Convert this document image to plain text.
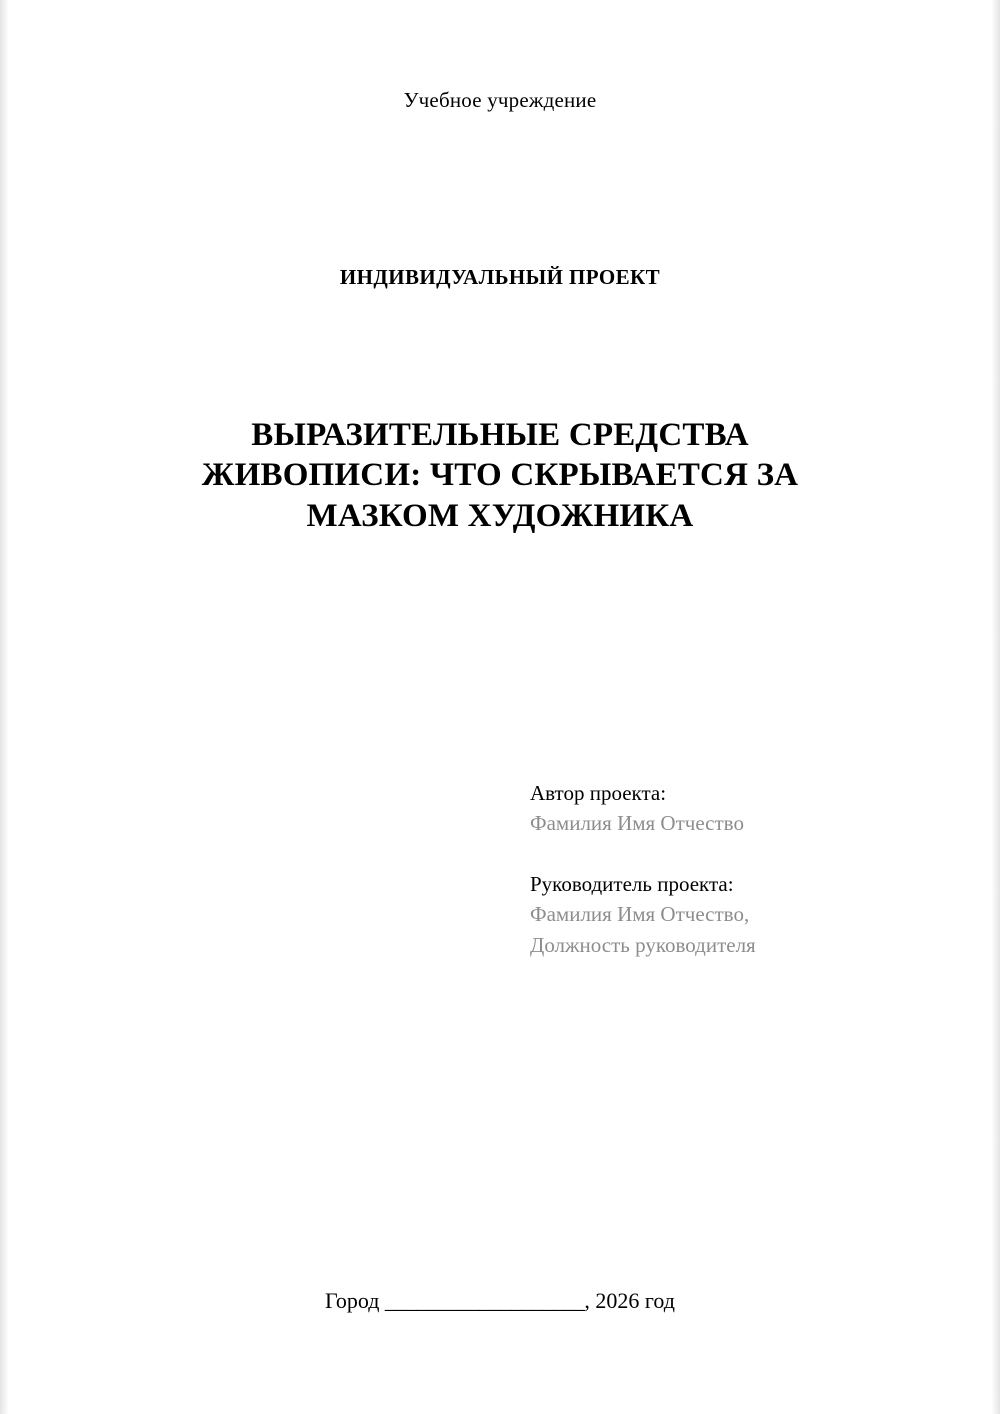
Учебное учреждение
ИНДИВИДУАЛЬНЫЙ ПРОЕКТ
ВЫРАЗИТЕЛЬНЫЕ СРЕДСТВА ЖИВОПИСИ: ЧТО СКРЫВАЕТСЯ ЗА МАЗКОМ ХУДОЖНИКА
Автор проекта:
Фамилия Имя Отчество
Руководитель проекта:
Фамилия Имя Отчество,
Должность руководителя
Город ___________________, 2026 год
